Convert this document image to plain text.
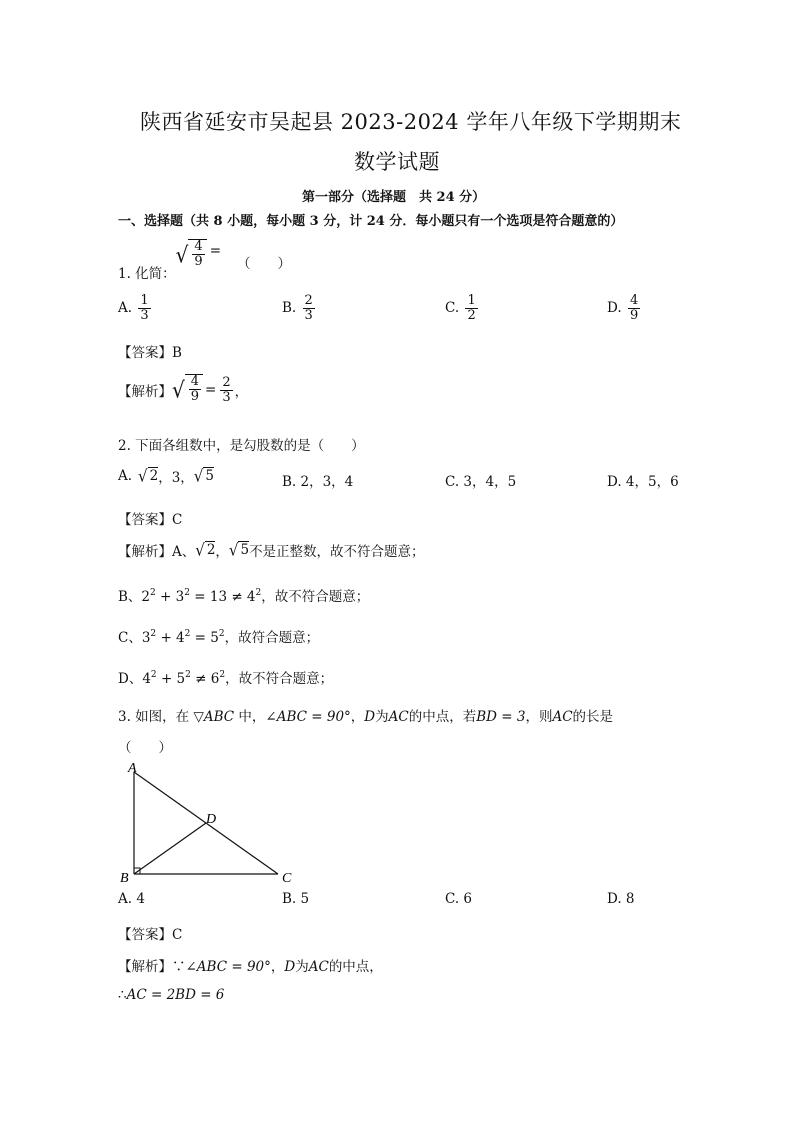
陕西省延安市吴起县 2023-2024 学年八年级下学期期末
数学试题
第一部分（选择题　共 24 分）
一、选择题（共 8 小题，每小题 3 分，计 24 分．每小题只有一个选项是符合题意的）
1. 化简：
√ $\frac{4}{9}$ =
（　　）
A. $\frac{1}{3}$	B. $\frac{2}{3}$	C. $\frac{1}{2}$	D. $\frac{4}{9}$
【答案】B
【解析】 √ $\frac{4}{9} = \frac{2}{3}$ ，
2. 下面各组数中，是勾股数的是（　　）
A. √ 2 ，3， √ 5	B. 2，3，4	C. 3，4，5	D. 4，5，6
【答案】C
【解析】 A、 √ 2 ， √ 5 不是正整数，故不符合题意；
B、$2^2 + 3^2 = 13 \ne 4^2$，故不符合题意；
C、$3^2 + 4^2 = 5^2$，故符合题意；
D、$4^2 + 5^2 \ne 6^2$，故不符合题意；
3. 如图，在 ▽ABC 中，∠ABC = 90°，D为AC的中点，若BD = 3，则AC的长是
（　　）
A
B	C
D
A. 4	B. 5	C. 6	D. 8
【答案】C
【解析】∵∠ABC = 90°，D为AC的中点，
∴AC = 2BD = 6
